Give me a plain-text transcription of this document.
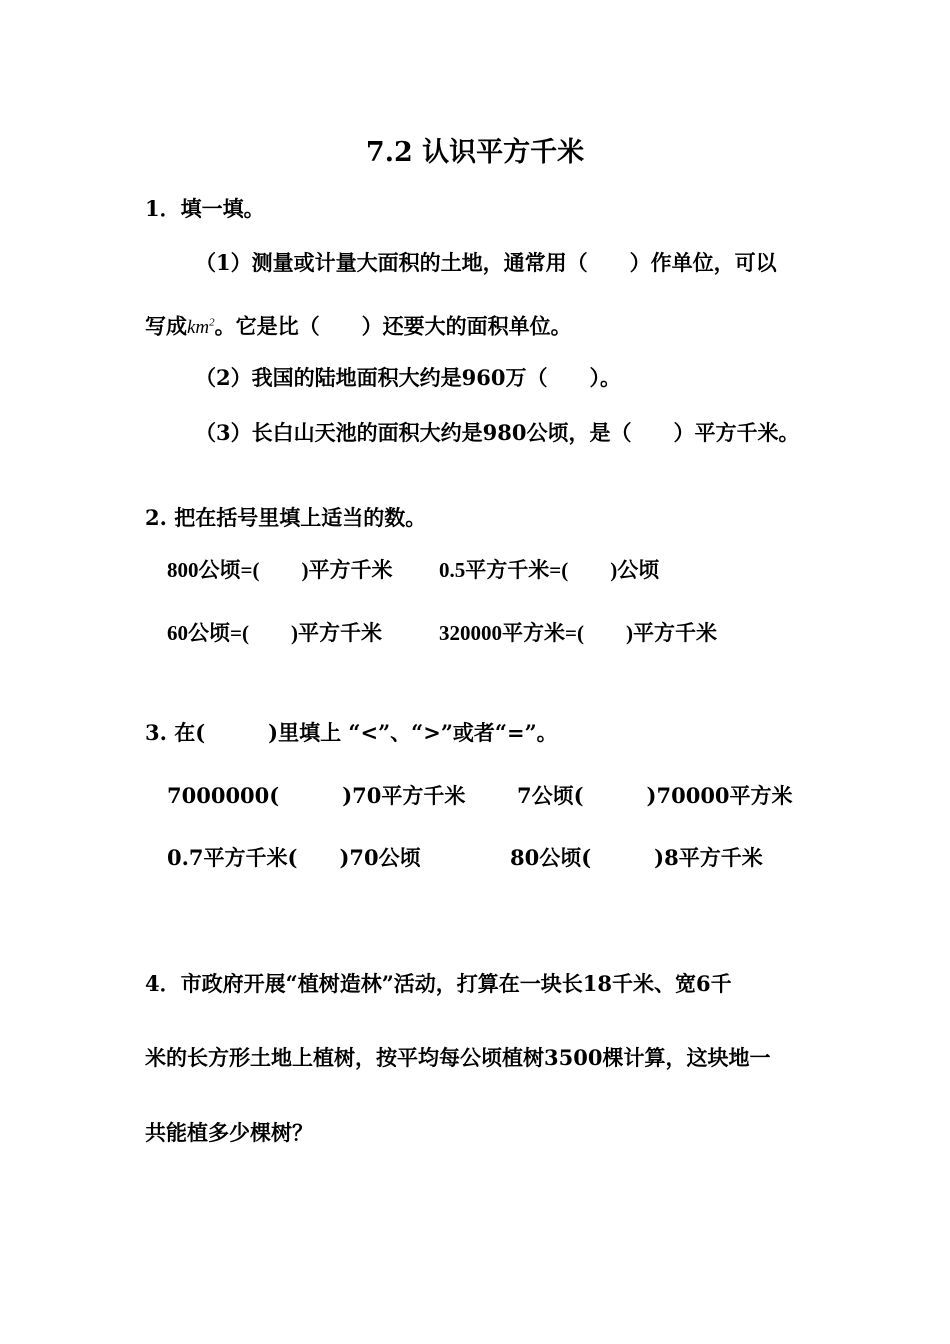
7.2 认识平方千米
1．填一填。
（1）测量或计量大面积的土地，通常用（　　）作单位，可以
写成$km^2$。它是比（　　）还要大的面积单位。
（2）我国的陆地面积大约是960万（　　）。
（3）长白山天池的面积大约是980公顷，是（　　）平方千米。
2. 把在括号里填上适当的数。
800公顷=(　　)平方千米 0.5平方千米=(　　)公顷
60公顷=(　　)平方千米	320000平方米=(　　)平方千米
3. 在(　　　)里填上 “<”、“>”或者“=”。
7000000(　　　)70平方千米 7公顷(　　　)70000平方米
0.7平方千米(　　)70公顷	80公顷(　　　)8平方千米
4．市政府开展“植树造林”活动，打算在一块长18千米、宽6千
米的长方形土地上植树，按平均每公顷植树3500棵计算，这块地一
共能植多少棵树？
